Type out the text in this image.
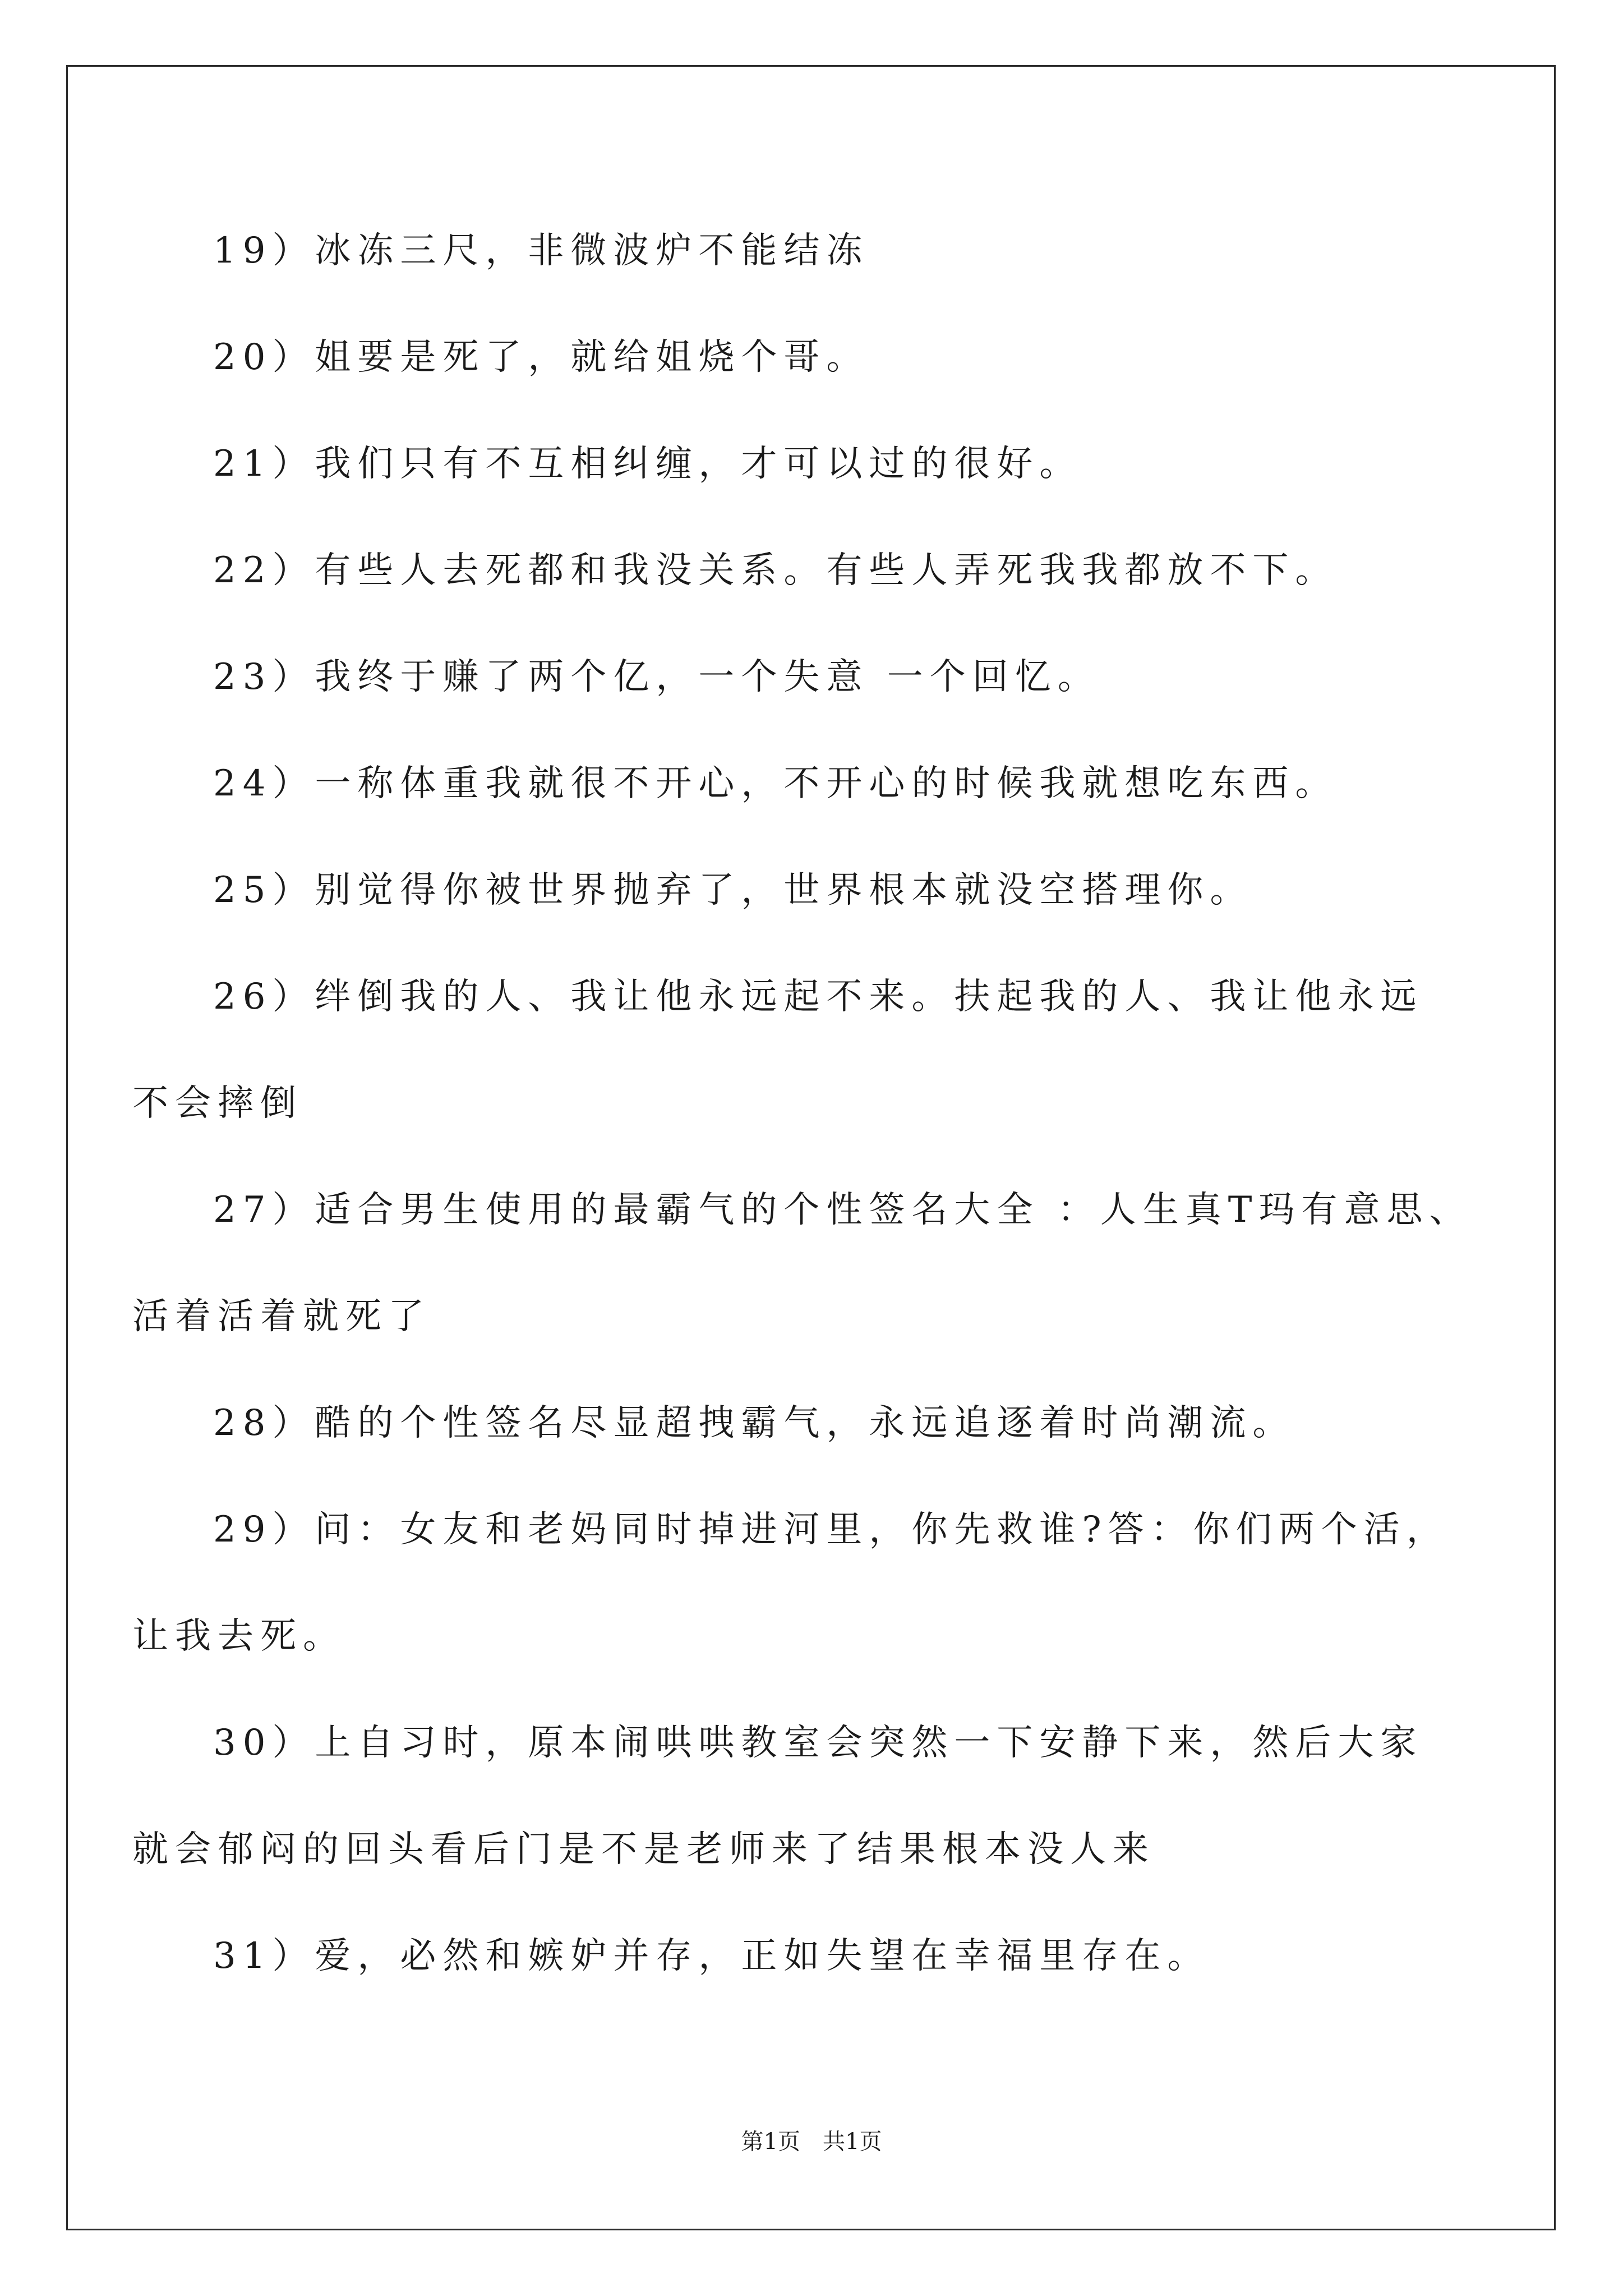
19）冰冻三尺，非微波炉不能结冻
20）姐要是死了，就给姐烧个哥。
21）我们只有不互相纠缠，才可以过的很好。
22）有些人去死都和我没关系。有些人弄死我我都放不下。
23）我终于赚了两个亿，一个失意 一个回忆。
24）一称体重我就很不开心，不开心的时候我就想吃东西。
25）别觉得你被世界抛弃了，世界根本就没空搭理你。
26）绊倒我的人、我让他永远起不来。扶起我的人、我让他永远
不会摔倒
27）适合男生使用的最霸气的个性签名大全 ：人生真T玛有意思、
活着活着就死了
28）酷的个性签名尽显超拽霸气，永远追逐着时尚潮流。
29）问：女友和老妈同时掉进河里，你先救谁?答：你们两个活，
让我去死。
30）上自习时，原本闹哄哄教室会突然一下安静下来，然后大家
就会郁闷的回头看后门是不是老师来了结果根本没人来
31）爱，必然和嫉妒并存，正如失望在幸福里存在。
第1页　共1页
